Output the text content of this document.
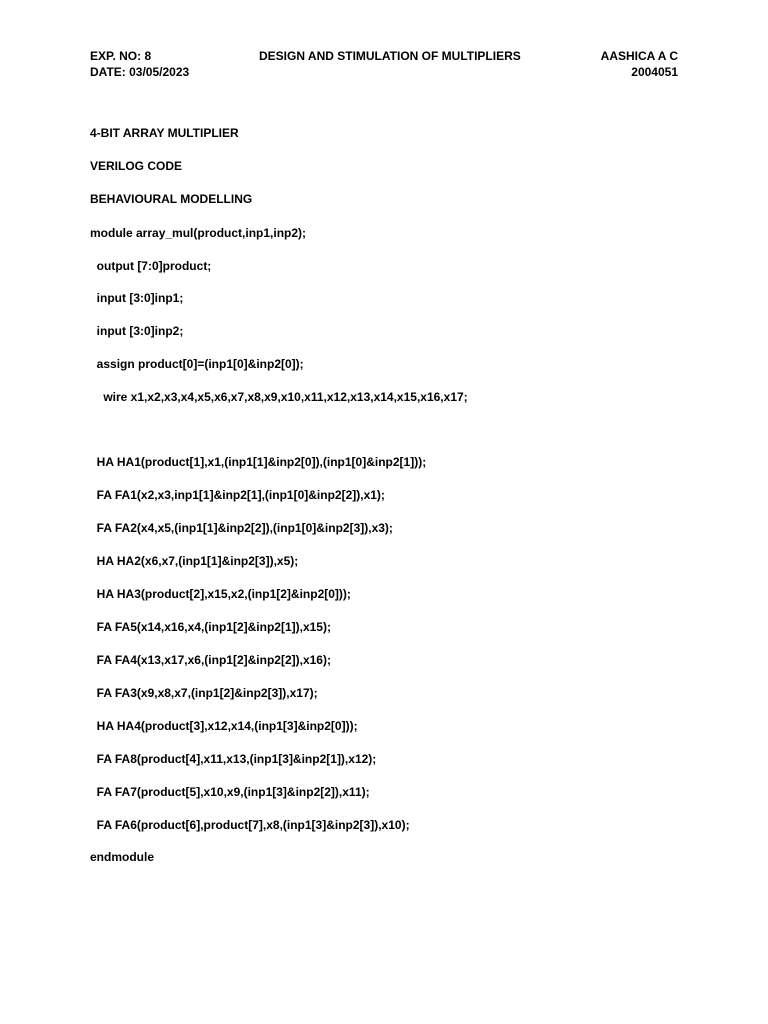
EXP. NO: 8
DATE: 03/05/2023
DESIGN AND STIMULATION OF MULTIPLIERS	AASHICA A C
2004051
4-BIT ARRAY MULTIPLIER
VERILOG CODE
BEHAVIOURAL MODELLING
module array_mul(product,inp1,inp2);
output [7:0]product;
input [3:0]inp1;
input [3:0]inp2;
assign product[0]=(inp1[0]&inp2[0]);
wire x1,x2,x3,x4,x5,x6,x7,x8,x9,x10,x11,x12,x13,x14,x15,x16,x17;
HA HA1(product[1],x1,(inp1[1]&inp2[0]),(inp1[0]&inp2[1]));
FA FA1(x2,x3,inp1[1]&inp2[1],(inp1[0]&inp2[2]),x1);
FA FA2(x4,x5,(inp1[1]&inp2[2]),(inp1[0]&inp2[3]),x3);
HA HA2(x6,x7,(inp1[1]&inp2[3]),x5);
HA HA3(product[2],x15,x2,(inp1[2]&inp2[0]));
FA FA5(x14,x16,x4,(inp1[2]&inp2[1]),x15);
FA FA4(x13,x17,x6,(inp1[2]&inp2[2]),x16);
FA FA3(x9,x8,x7,(inp1[2]&inp2[3]),x17);
HA HA4(product[3],x12,x14,(inp1[3]&inp2[0]));
FA FA8(product[4],x11,x13,(inp1[3]&inp2[1]),x12);
FA FA7(product[5],x10,x9,(inp1[3]&inp2[2]),x11);
FA FA6(product[6],product[7],x8,(inp1[3]&inp2[3]),x10);
endmodule
